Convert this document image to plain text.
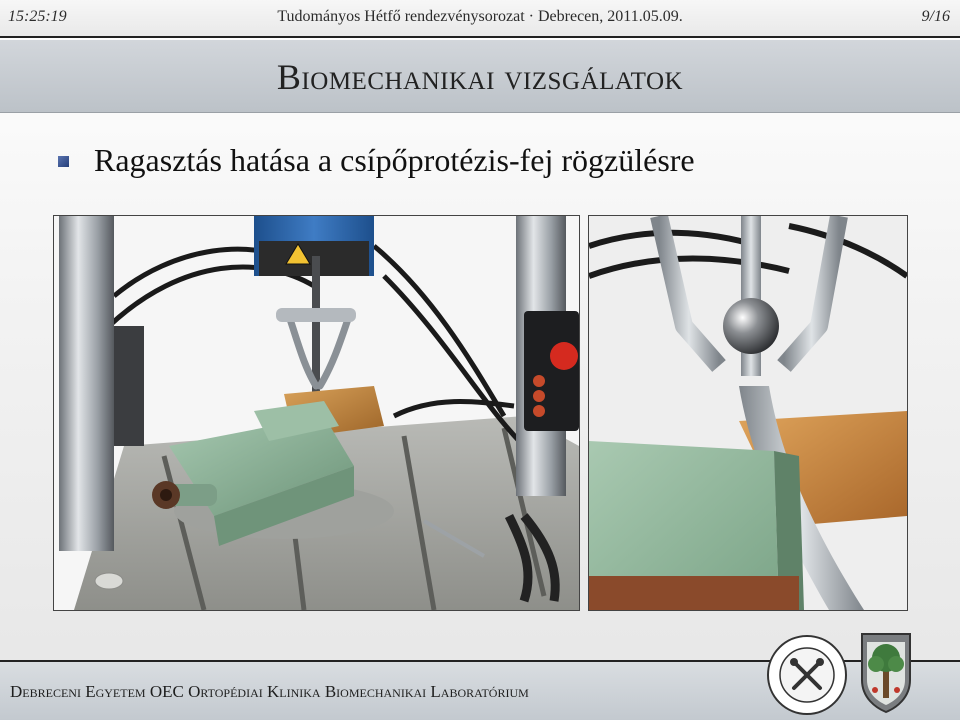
15:25:19	Tudományos Hétfő rendezvénysorozat · Debrecen, 2011.05.09.	9/16
Biomechanikai vizsgálatok
Ragasztás hatása a csípőprotézis-fej rögzülésre
Debreceni Egyetem OEC Ortopédiai Klinika Biomechanikai Laboratórium
